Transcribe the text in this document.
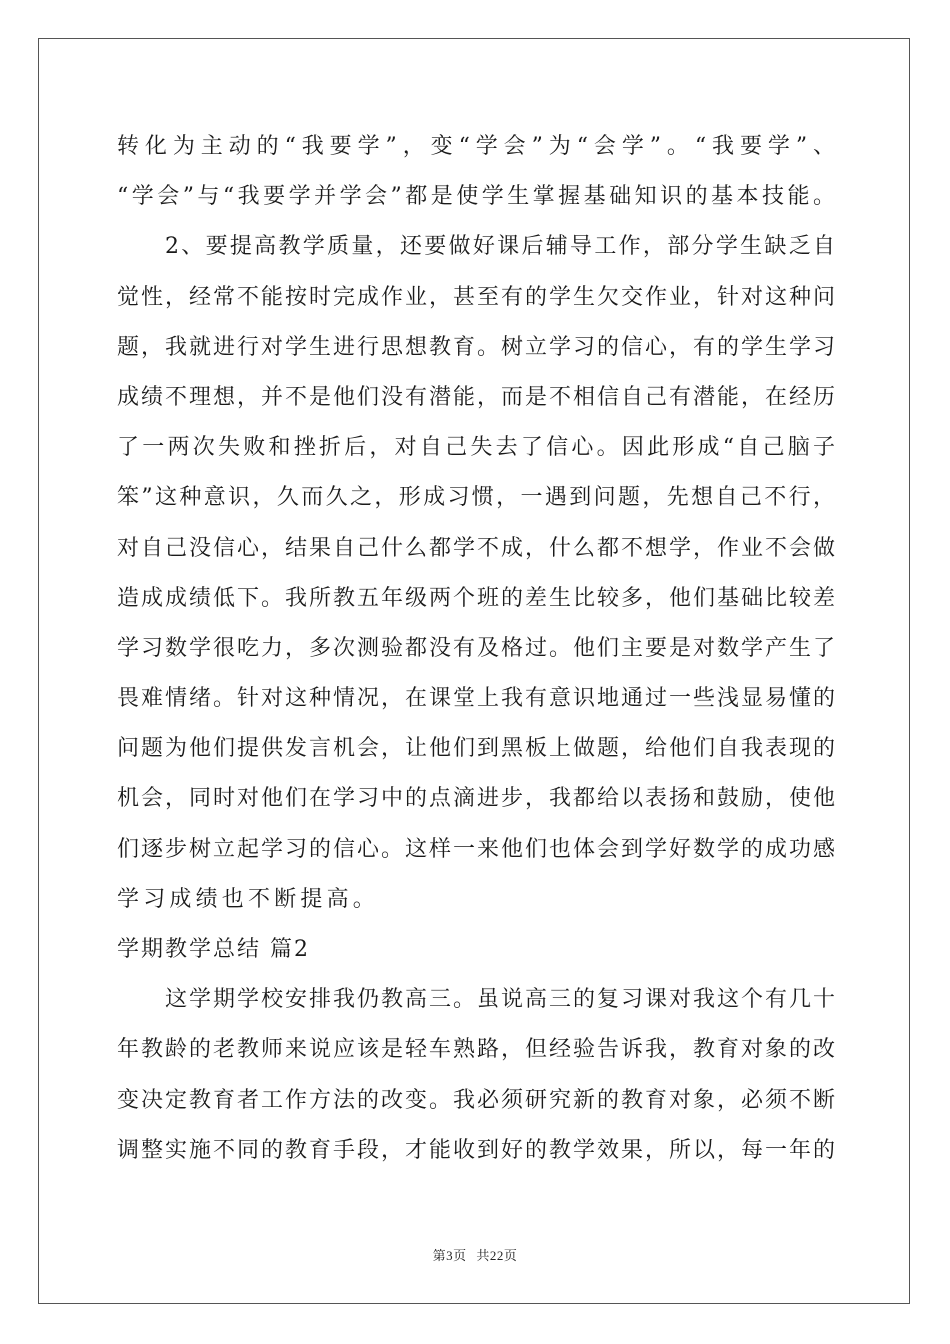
转化为主动的“我要学”，变“学会”为“会学”。“我要学”、
“学会”与“我要学并学会”都是使学生掌握基础知识的基本技能。
2、要提高教学质量，还要做好课后辅导工作，部分学生缺乏自
觉性，经常不能按时完成作业，甚至有的学生欠交作业，针对这种问
题，我就进行对学生进行思想教育。树立学习的信心，有的学生学习
成绩不理想，并不是他们没有潜能，而是不相信自己有潜能，在经历
了一两次失败和挫折后，对自己失去了信心。因此形成“自己脑子
笨”这种意识，久而久之，形成习惯，一遇到问题，先想自己不行，
对自己没信心，结果自己什么都学不成，什么都不想学，作业不会做
造成成绩低下。我所教五年级两个班的差生比较多，他们基础比较差
学习数学很吃力，多次测验都没有及格过。他们主要是对数学产生了
畏难情绪。针对这种情况，在课堂上我有意识地通过一些浅显易懂的
问题为他们提供发言机会，让他们到黑板上做题，给他们自我表现的
机会，同时对他们在学习中的点滴进步，我都给以表扬和鼓励，使他
们逐步树立起学习的信心。这样一来他们也体会到学好数学的成功感
学习成绩也不断提高。
学期教学总结 篇2
这学期学校安排我仍教高三。虽说高三的复习课对我这个有几十
年教龄的老教师来说应该是轻车熟路，但经验告诉我，教育对象的改
变决定教育者工作方法的改变。我必须研究新的教育对象，必须不断
调整实施不同的教育手段，才能收到好的教学效果，所以，每一年的
第3页 共22页
